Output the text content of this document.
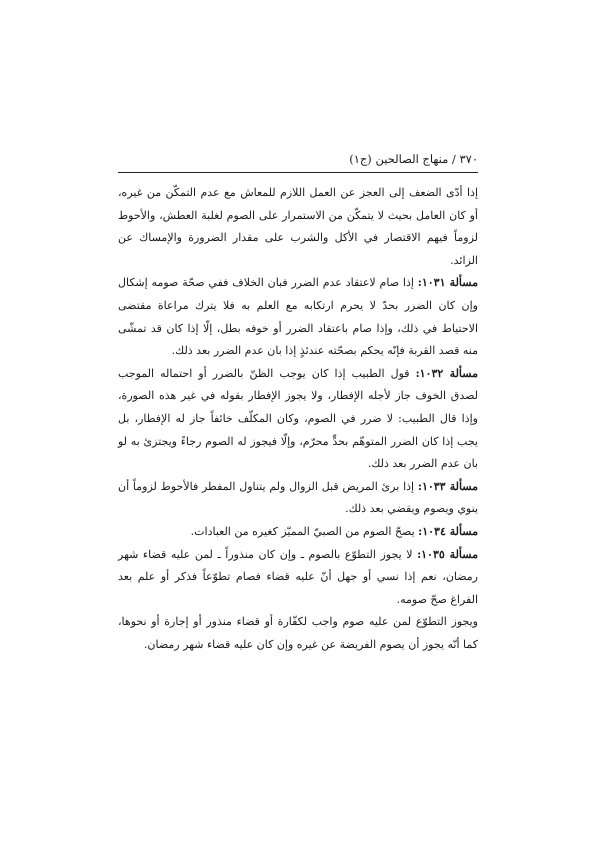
٣٧٠ / منهاج الصالحين (ج١)

إذا أدّى الضعف إلى العجز عن العمل اللازم للمعاش مع عدم التمكّن من غيره، أو كان العامل بحيث لا يتمكّن من الاستمرار على الصوم لغلبة العطش، والأحوط لزوماً فيهم الاقتصار في الأكل والشرب على مقدار الضرورة والإمساك عن الزائد.

مسألة ١٠٣١: إذا صام لاعتقاد عدم الضرر فبان الخلاف ففي صحّة صومه إشكال وإن كان الضرر بحدّ لا يحرم ارتكابه مع العلم به فلا يترك مراعاة مقتضى الاحتياط في ذلك، وإذا صام باعتقاد الضرر أو خوفه بطل، إلّا إذا كان قد تمشّى منه قصد القربة فإنّه يحكم بصحّته عندئذٍ إذا بان عدم الضرر بعد ذلك.

مسألة ١٠٣٢: قول الطبيب إذا كان يوجب الظنّ بالضرر أو احتماله الموجب لصدق الخوف جاز لأجله الإفطار، ولا يجوز الإفطار بقوله في غير هذه الصورة، وإذا قال الطبيب: لا ضرر في الصوم، وكان المكلّف خائفاً جاز له الإفطار، بل يجب إذا كان الضرر المتوهّم بحدٍّ محرّم، وإلّا فيجوز له الصوم رجاءً ويجتزئ به لو بان عدم الضرر بعد ذلك.

مسألة ١٠٣٣: إذا برئ المريض قبل الزوال ولم يتناول المفطر فالأحوط لزوماً أن ينوي ويصوم ويقضي بعد ذلك.

مسألة ١٠٣٤: يصحّ الصوم من الصبيّ المميّز كغيره من العبادات.

مسألة ١٠٣٥: لا يجوز التطوّع بالصوم ـ وإن كان منذوراً ـ لمن عليه قضاء شهر رمضان، نعم إذا نسي أو جهل أنّ عليه قضاء فصام تطوّعاً فذكر أو علم بعد الفراغ صحّ صومه.

ويجوز التطوّع لمن عليه صوم واجب لكفّارة أو قضاء منذور أو إجارة أو نحوها، كما أنّه يجوز أن يصوم الفريضة عن غيره وإن كان عليه قضاء شهر رمضان.
